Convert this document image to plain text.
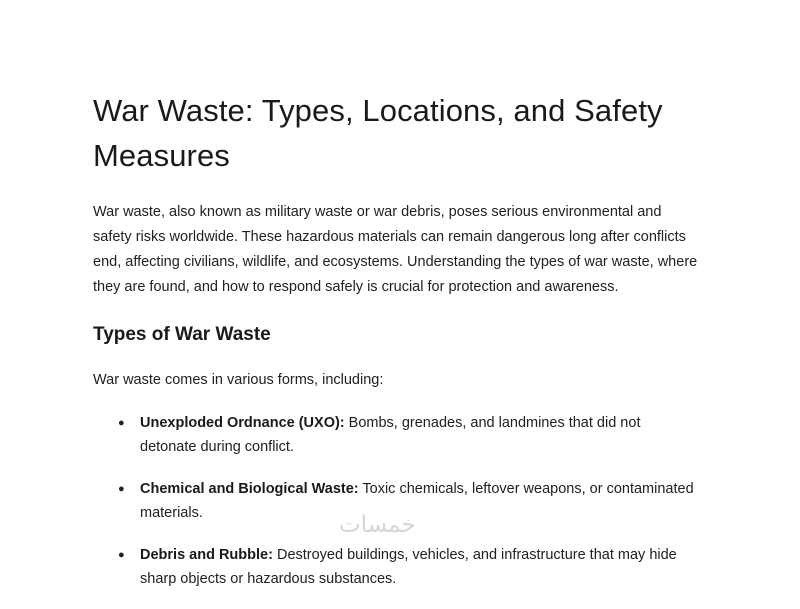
War Waste: Types, Locations, and Safety Measures

War waste, also known as military waste or war debris, poses serious environmental and safety risks worldwide. These hazardous materials can remain dangerous long after conflicts end, affecting civilians, wildlife, and ecosystems. Understanding the types of war waste, where they are found, and how to respond safely is crucial for protection and awareness.

Types of War Waste

War waste comes in various forms, including:

● Unexploded Ordnance (UXO): Bombs, grenades, and landmines that did not detonate during conflict.
● Chemical and Biological Waste: Toxic chemicals, leftover weapons, or contaminated materials.
● Debris and Rubble: Destroyed buildings, vehicles, and infrastructure that may hide sharp objects or hazardous substances.
خمسات
